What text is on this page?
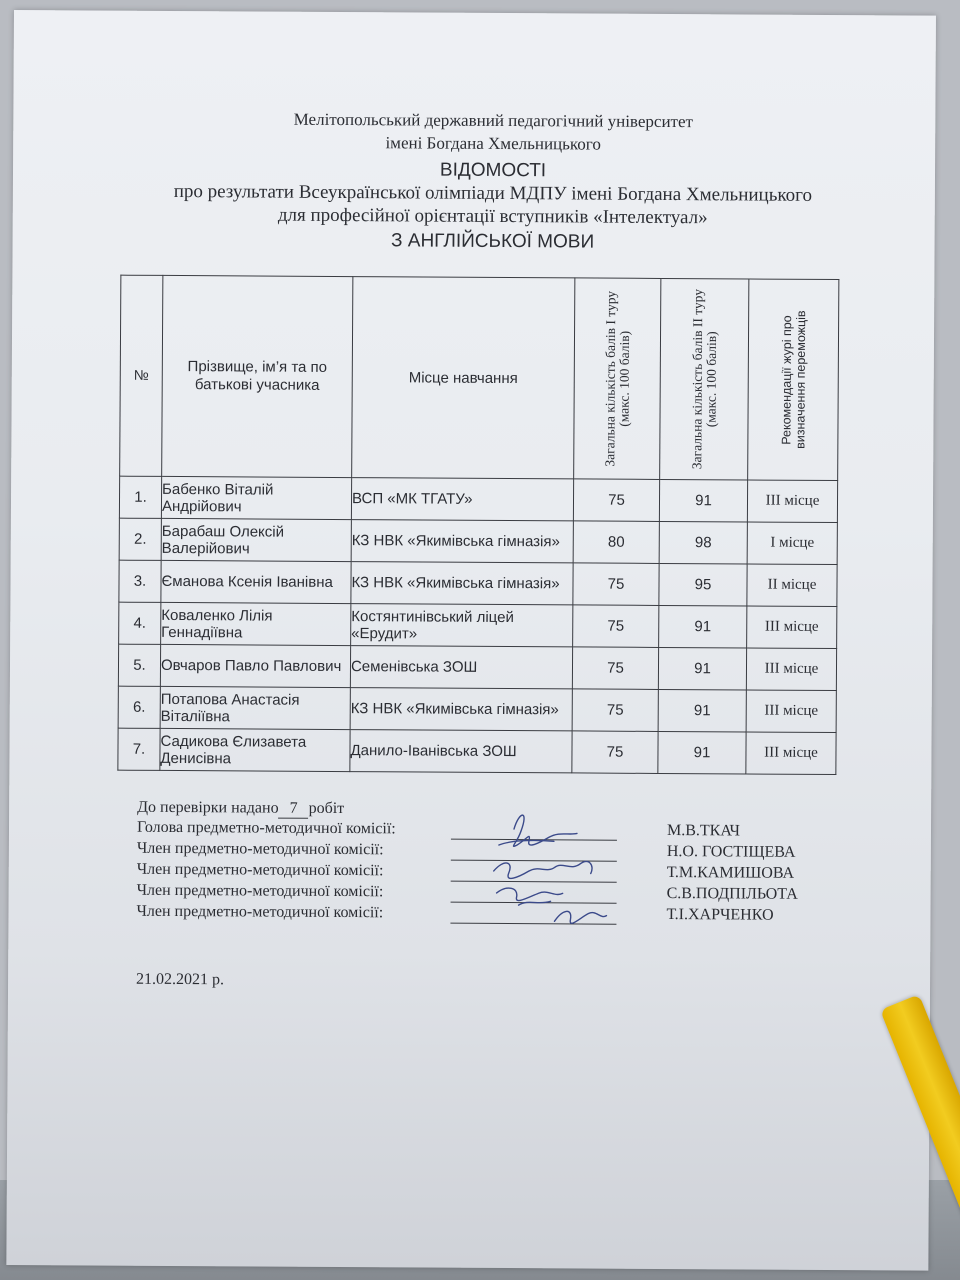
Мелітопольський державний педагогічний університет
імені Богдана Хмельницького
ВІДОМОСТІ
про результати Всеукраїнської олімпіади МДПУ імені Богдана Хмельницького
для професійної орієнтації вступників «Інтелектуал»
З АНГЛІЙСЬКОЇ МОВИ
№	Прізвище, ім’я та по батькові учасника	Місце навчання	Загальна кількість балів І туру (макс. 100 балів)	Загальна кількість балів ІІ туру (макс. 100 балів)	Рекомендації журі про визначення переможців

1.	Бабенко Віталій Андрійович	ВСП «МК ТГАТУ»	75	91	ІІІ місце
2.	Барабаш Олексій Валерійович	КЗ НВК «Якимівська гімназія»	80	98	І місце
3.	Єманова Ксенія Іванівна	КЗ НВК «Якимівська гімназія»	75	95	ІІ місце
4.	Коваленко Лілія Геннадіївна	Костянтинівський ліцей «Ерудит»	75	91	ІІІ місце
5.	Овчаров Павло Павлович	Семенівська ЗОШ	75	91	ІІІ місце
6.	Потапова Анастасія Віталіївна	КЗ НВК «Якимівська гімназія»	75	91	ІІІ місце
7.	Садикова Єлизавета Денисівна	Данило-Іванівська ЗОШ	75	91	ІІІ місце
До перевірки надано 7 робіт
Голова предметно-методичної комісії:	М.В.ТКАЧ
Член предметно-методичної комісії:	Н.О. ГОСТІЩЕВА
Член предметно-методичної комісії:	Т.М.КАМИШОВА
Член предметно-методичної комісії:	С.В.ПОДПІЛЬОТА
Член предметно-методичної комісії:	Т.І.ХАРЧЕНКО
21.02.2021 р.
